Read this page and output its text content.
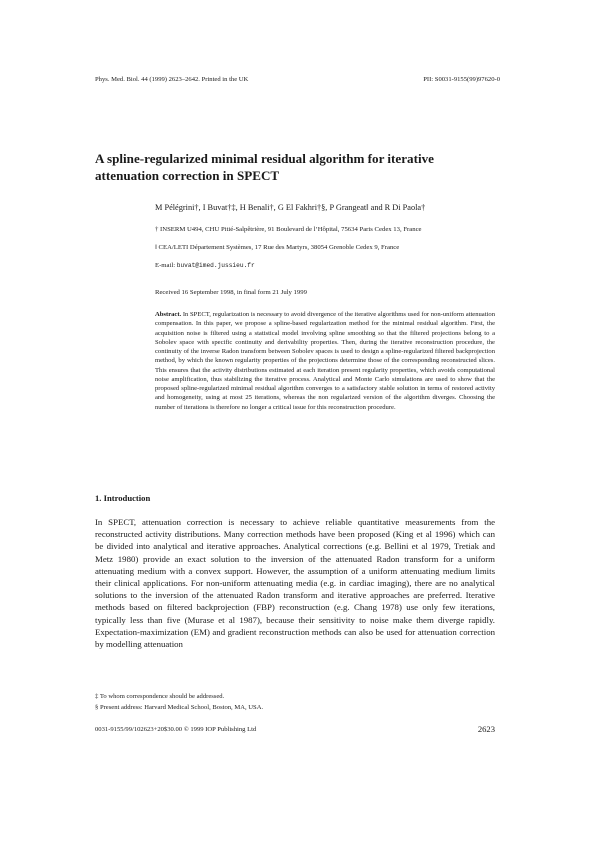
Phys. Med. Biol. 44 (1999) 2623–2642. Printed in the UK	PII: S0031-9155(99)97620-0
A spline-regularized minimal residual algorithm for iterative attenuation correction in SPECT
M Pélégrini†, I Buvat†‡, H Benali†, G El Fakhri†§, P Grangeat‖ and R Di Paola†
† INSERM U494, CHU Pitié-Salpêtrière, 91 Boulevard de l’Hôpital, 75634 Paris Cedex 13, France
‖ CEA/LETI Département Systèmes, 17 Rue des Martyrs, 38054 Grenoble Cedex 9, France
E-mail: buvat@imed.jussieu.fr
Received 16 September 1998, in final form 21 July 1999
Abstract. In SPECT, regularization is necessary to avoid divergence of the iterative algorithms used for non-uniform attenuation compensation. In this paper, we propose a spline-based regularization method for the minimal residual algorithm. First, the acquisition noise is filtered using a statistical model involving spline smoothing so that the filtered projections belong to a Sobolev space with specific continuity and derivability properties. Then, during the iterative reconstruction procedure, the continuity of the inverse Radon transform between Sobolev spaces is used to design a spline-regularized filtered backprojection method, by which the known regularity properties of the projections determine those of the corresponding reconstructed slices. This ensures that the activity distributions estimated at each iteration present regularity properties, which avoids computational noise amplification, thus stabilizing the iterative process. Analytical and Monte Carlo simulations are used to show that the proposed spline-regularized minimal residual algorithm converges to a satisfactory stable solution in terms of restored activity and homogeneity, using at most 25 iterations, whereas the non regularized version of the algorithm diverges. Choosing the number of iterations is therefore no longer a critical issue for this reconstruction procedure.
1. Introduction

In SPECT, attenuation correction is necessary to achieve reliable quantitative measurements from the reconstructed activity distributions. Many correction methods have been proposed (King et al 1996) which can be divided into analytical and iterative approaches. Analytical corrections (e.g. Bellini et al 1979, Tretiak and Metz 1980) provide an exact solution to the inversion of the attenuated Radon transform for a uniform attenuating medium with a convex support. However, the assumption of a uniform attenuating medium limits their clinical applications. For non-uniform attenuating media (e.g. in cardiac imaging), there are no analytical solutions to the inversion of the attenuated Radon transform and iterative approaches are preferred. Iterative methods based on filtered backprojection (FBP) reconstruction (e.g. Chang 1978) use only few iterations, typically less than five (Murase et al 1987), because their sensitivity to noise make them diverge rapidly. Expectation-maximization (EM) and gradient reconstruction methods can also be used for attenuation correction by modelling attenuation

‡ To whom correspondence should be addressed.
§ Present address: Harvard Medical School, Boston, MA, USA.
0031-9155/99/102623+20$30.00 © 1999 IOP Publishing Ltd	2623
